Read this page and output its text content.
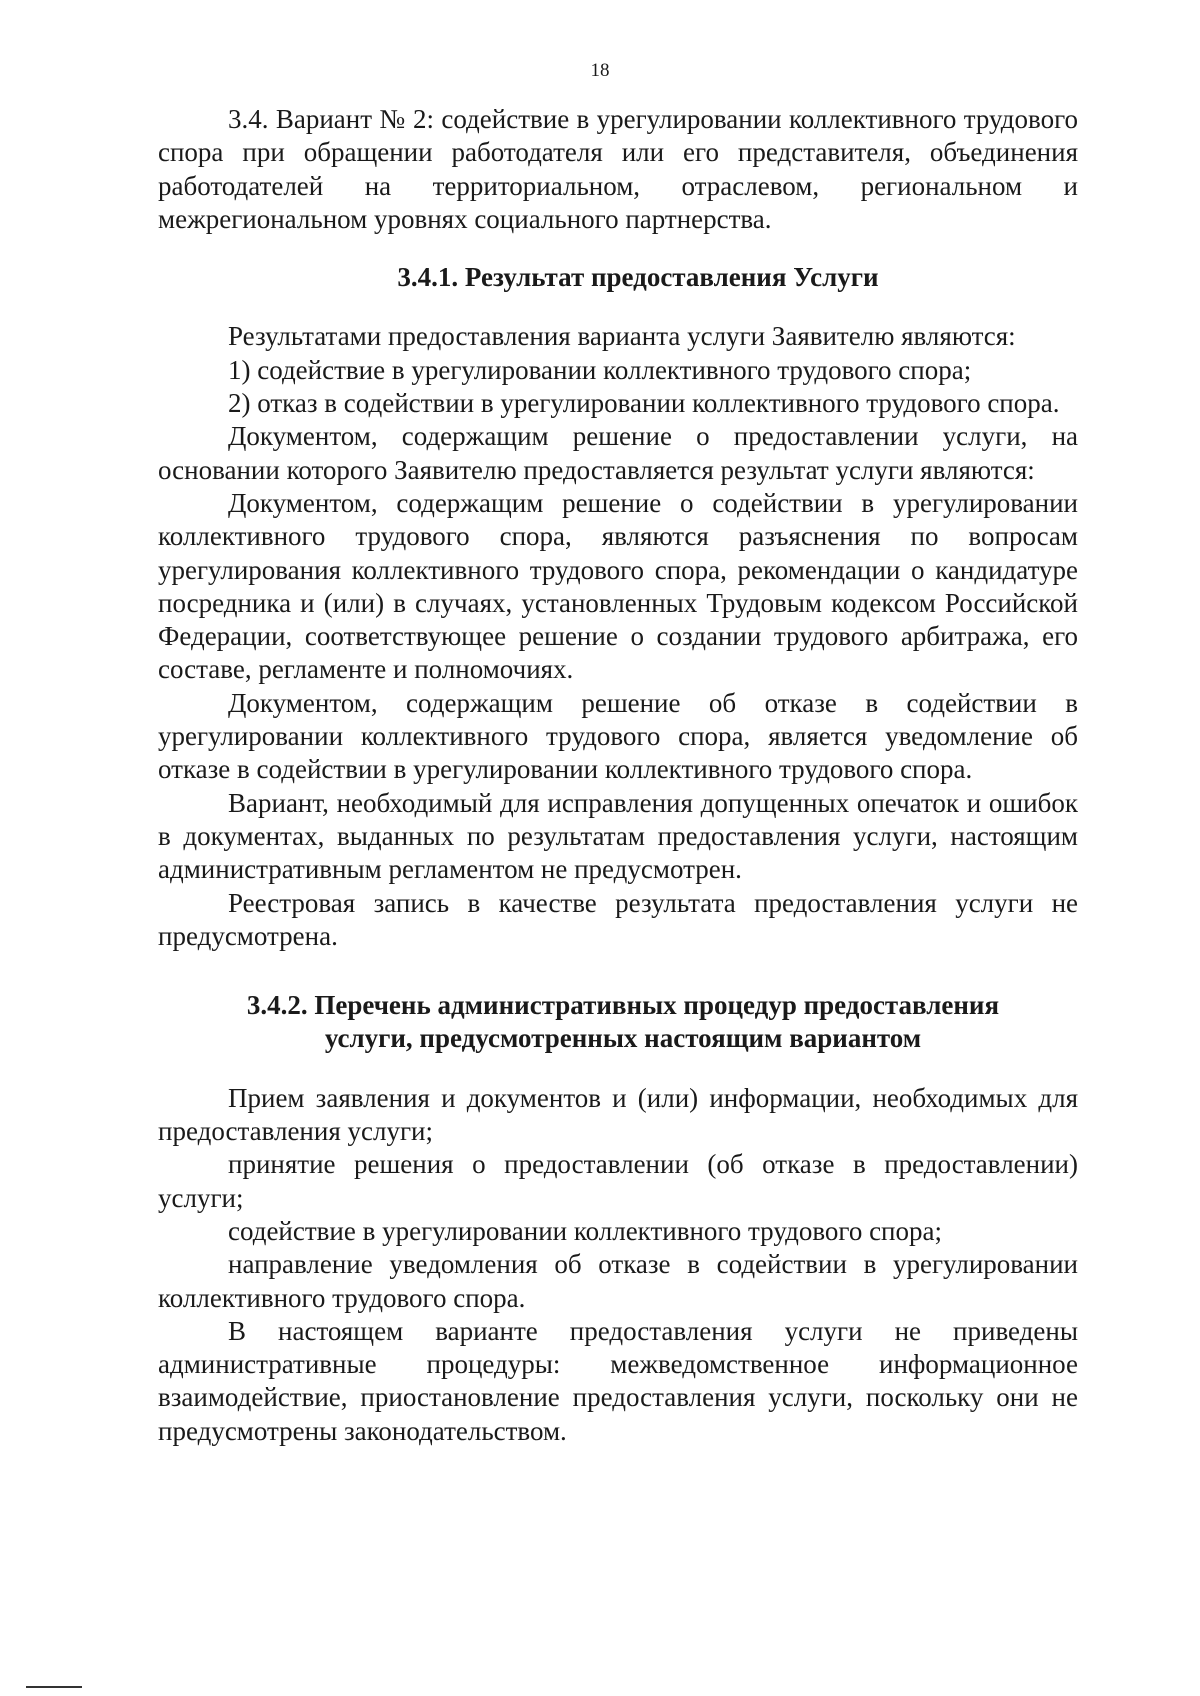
18

3.4. Вариант № 2: содействие в урегулировании коллективного трудового спора при обращении работодателя или его представителя, объединения работодателей на территориальном, отраслевом, региональном и межрегиональном уровнях социального партнерства.

3.4.1. Результат предоставления Услуги

Результатами предоставления варианта услуги Заявителю являются:

1) содействие в урегулировании коллективного трудового спора;

2) отказ в содействии в урегулировании коллективного трудового спора.

Документом, содержащим решение о предоставлении услуги, на основании которого Заявителю предоставляется результат услуги являются:

Документом, содержащим решение о содействии в урегулировании коллективного трудового спора, являются разъяснения по вопросам урегулирования коллективного трудового спора, рекомендации о кандидатуре посредника и (или) в случаях, установленных Трудовым кодексом Российской Федерации, соответствующее решение о создании трудового арбитража, его составе, регламенте и полномочиях.

Документом, содержащим решение об отказе в содействии в урегулировании коллективного трудового спора, является уведомление об отказе в содействии в урегулировании коллективного трудового спора.

Вариант, необходимый для исправления допущенных опечаток и ошибок в документах, выданных по результатам предоставления услуги, настоящим административным регламентом не предусмотрен.

Реестровая запись в качестве результата предоставления услуги не предусмотрена.

3.4.2. Перечень административных процедур предоставления
услуги, предусмотренных настоящим вариантом

Прием заявления и документов и (или) информации, необходимых для предоставления услуги;

принятие решения о предоставлении (об отказе в предоставлении) услуги;

содействие в урегулировании коллективного трудового спора;

направление уведомления об отказе в содействии в урегулировании коллективного трудового спора.

В настоящем варианте предоставления услуги не приведены административные процедуры: межведомственное информационное взаимодействие, приостановление предоставления услуги, поскольку они не предусмотрены законодательством.
